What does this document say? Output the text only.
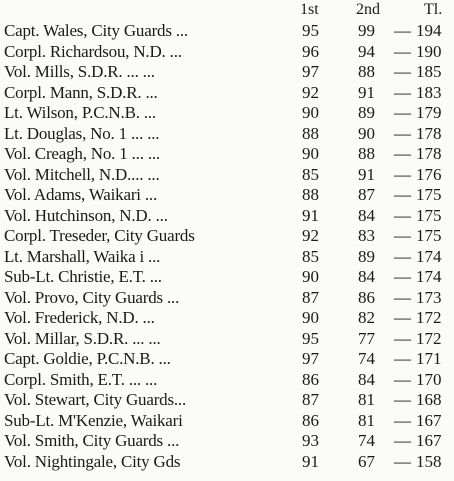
1st 2nd	Tl.
Capt. Wales, City Guards ...	95 99 — 194
Corpl. Richardsou, N.D. ...	96 94 — 190
Vol. Mills, S.D.R. ... ...	97 88 — 185
Corpl. Mann, S.D.R. ...	92 91 — 183
Lt. Wilson, P.C.N.B. ...	90 89 — 179
Lt. Douglas, No. 1 ... ...	88 90 — 178
Vol. Creagh, No. 1 ... ...	90 88 — 178
Vol. Mitchell, N.D.... ...	85 91 — 176
Vol. Adams, Waikari ...	88 87 — 175
Vol. Hutchinson, N.D. ...	91 84 — 175
Corpl. Treseder, City Guards	92 83 — 175
Lt. Marshall, Waika i ...	85 89 — 174
Sub-Lt. Christie, E.T. ...	90 84 — 174
Vol. Provo, City Guards ...	87 86 — 173
Vol. Frederick, N.D. ...	90 82 — 172
Vol. Millar, S.D.R. ... ...	95 77 — 172
Capt. Goldie, P.C.N.B. ...	97 74 — 171
Corpl. Smith, E.T. ... ...	86 84 — 170
Vol. Stewart, City Guards...	87 81 — 168
Sub-Lt. M'Kenzie, Waikari	86 81 — 167
Vol. Smith, City Guards ...	93 74 — 167
Vol. Nightingale, City Gds	91 67 — 158
